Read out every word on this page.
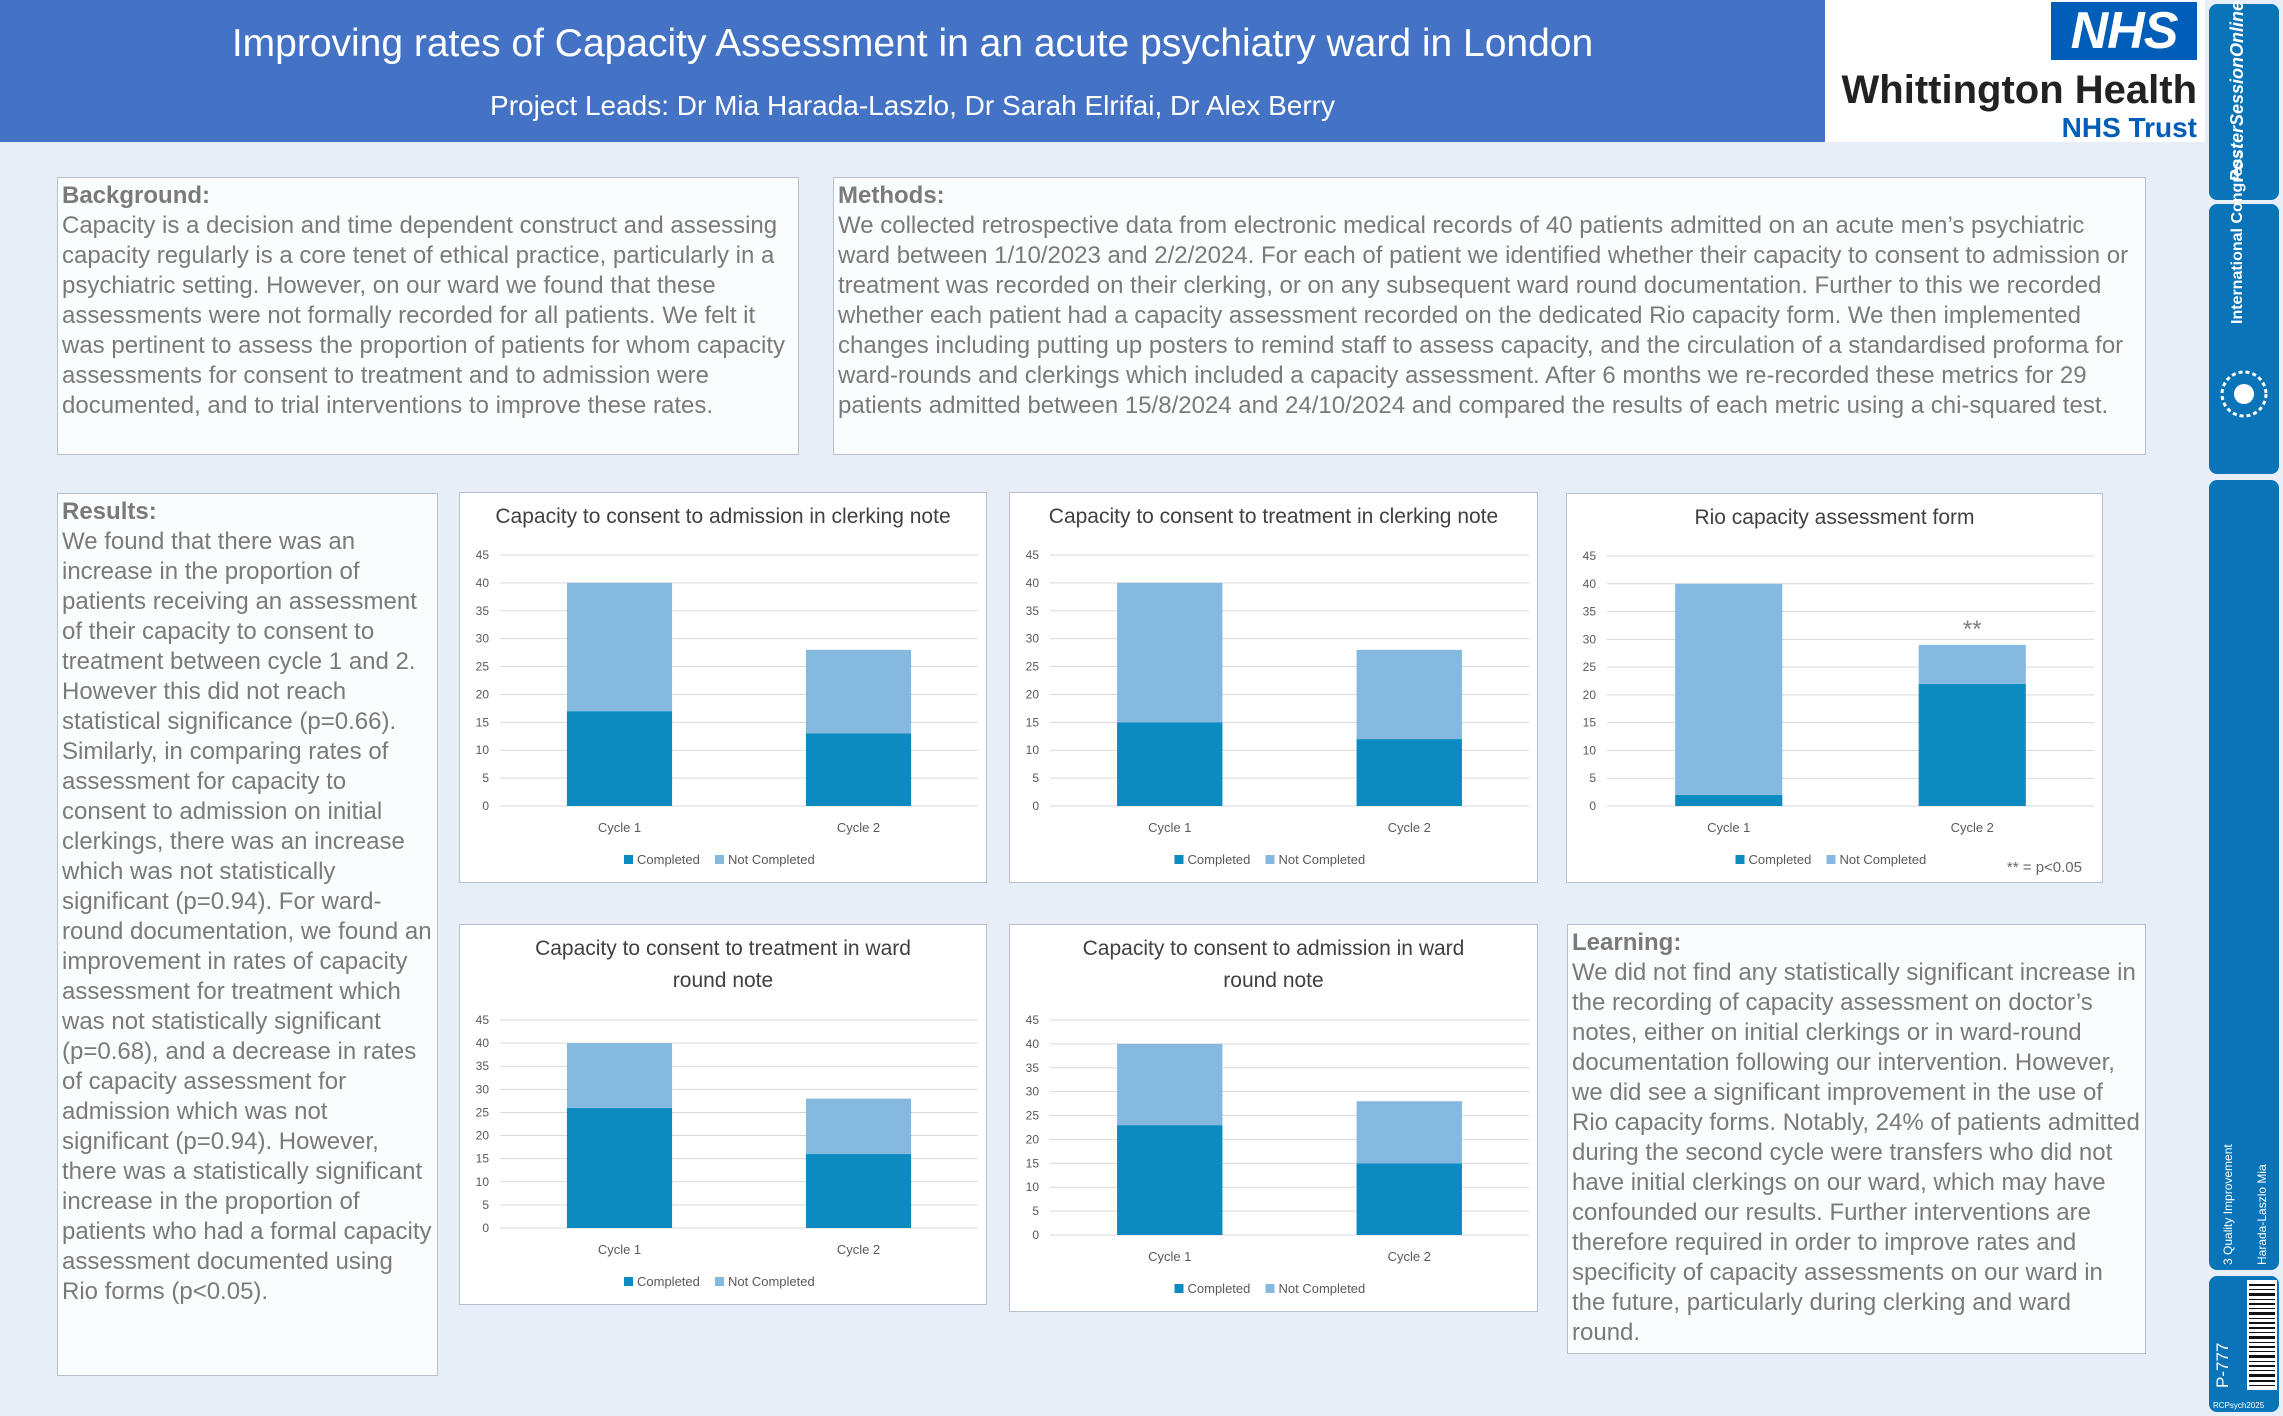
Improving rates of Capacity Assessment in an acute psychiatry ward in London
Project Leads: Dr Mia Harada-Laszlo, Dr Sarah Elrifai, Dr Alex Berry
NHS
Whittington Health
NHS Trust
Background:
Capacity is a decision and time dependent construct and assessing capacity regularly is a core tenet of ethical practice, particularly in a psychiatric setting. However, on our ward we found that these assessments were not formally recorded for all patients. We felt it was pertinent to assess the proportion of patients for whom capacity assessments for consent to treatment and to admission were documented, and to trial interventions to improve these rates.
Methods:
We collected retrospective data from electronic medical records of 40 patients admitted on an acute men’s psychiatric ward between 1/10/2023 and 2/2/2024. For each of patient we identified whether their capacity to consent to admission or treatment was recorded on their clerking, or on any subsequent ward round documentation. Further to this we recorded whether each patient had a capacity assessment recorded on the dedicated Rio capacity form. We then implemented changes including putting up posters to remind staff to assess capacity, and the circulation of a standardised proforma for ward-rounds and clerkings which included a capacity assessment. After 6 months we re-recorded these metrics for 29 patients admitted between 15/8/2024 and 24/10/2024 and compared the results of each metric using a chi-squared test.
Results:
We found that there was an increase in the proportion of patients receiving an assessment of their capacity to consent to treatment between cycle 1 and 2. However this did not reach statistical significance (p=0.66). Similarly, in comparing rates of assessment for capacity to consent to admission on initial clerkings, there was an increase which was not statistically significant (p=0.94). For ward-round documentation, we found an improvement in rates of capacity assessment for treatment which was not statistically significant (p=0.68), and a decrease in rates of capacity assessment for admission which was not significant (p=0.94). However, there was a statistically significant increase in the proportion of patients who had a formal capacity assessment documented using Rio forms (p<0.05).
Learning:
We did not find any statistically significant increase in the recording of capacity assessment on doctor’s notes, either on initial clerkings or in ward-round documentation following our intervention. However, we did see a significant improvement in the use of Rio capacity forms. Notably, 24% of patients admitted during the second cycle were transfers who did not have initial clerkings on our ward, which may have confounded our results. Further interventions are therefore required in order to improve rates and specificity of capacity assessments on our ward in the future, particularly during clerking and ward round.
Capacity to consent to admission in clerking note
0
5
10
15
20
25
30
35
40
45
Cycle 1	Cycle 2
Completed Not Completed
Capacity to consent to treatment in clerking note
0
5
10
15
20
25
30
35
40
45
Cycle 1	Cycle 2
Completed Not Completed
Rio capacity assessment form
0
5
10
15
20
25
30
35
40
45
Cycle 1
**
Cycle 2
Completed Not Completed	** = p<0.05
Capacity to consent to treatment in ward round note
0
5
10
15
20
25
30
35
40
45
Cycle 1	Cycle 2
Completed Not Completed
Capacity to consent to admission in ward round note
0
5
10
15
20
25
30
35
40
45
Cycle 1	Cycle 2
Completed Not Completed
PosterSessionOnline
International Congress
3 Quality Improvement Harada-Laszlo Mia
P-777
RCPsych2025
